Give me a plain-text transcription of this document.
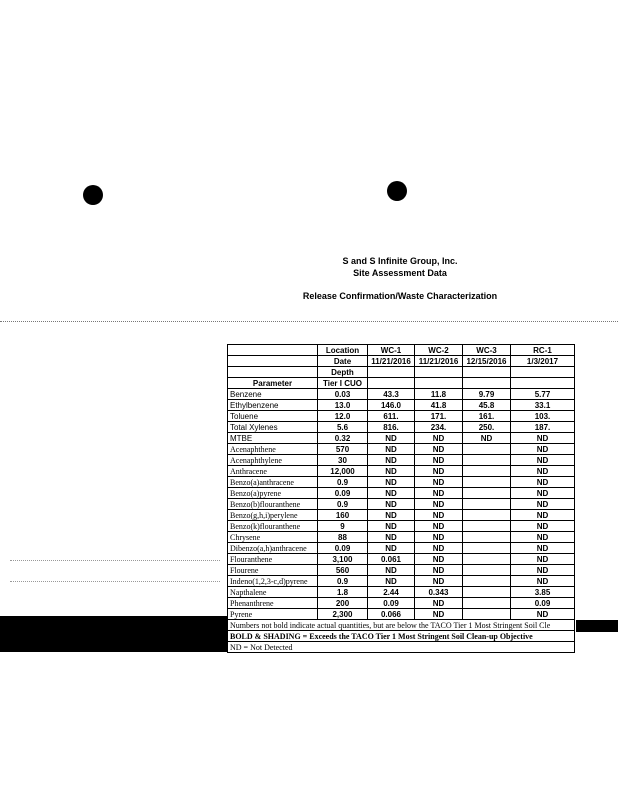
S and S Infinite Group, Inc.
Site Assessment Data
Release Confirmation/Waste Characterization
	Location	WC-1	WC-2	WC-3	RC-1
	Date	11/21/2016	11/21/2016	12/15/2016	1/3/2017
	Depth				
Parameter	Tier I CUO				
Benzene	0.03	43.3	11.8	9.79	5.77
Ethylbenzene	13.0	146.0	41.8	45.8	33.1
Toluene	12.0	611.	171.	161.	103.
Total Xylenes	5.6	816.	234.	250.	187.
MTBE	0.32	ND	ND	ND	ND
Acenaphthene	570	ND	ND		ND
Acenaphthylene	30	ND	ND		ND
Anthracene	12,000	ND	ND		ND
Benzo(a)anthracene	0.9	ND	ND		ND
Benzo(a)pyrene	0.09	ND	ND		ND
Benzo(b)flouranthene	0.9	ND	ND		ND
Benzo(g,h,i)perylene	160	ND	ND		ND
Benzo(k)flouranthene	9	ND	ND		ND
Chrysene	88	ND	ND		ND
Dibenzo(a,h)anthracene	0.09	ND	ND		ND
Flouranthene	3,100	0.061	ND		ND
Flourene	560	ND	ND		ND
Indeno(1,2,3-c,d)pyrene	0.9	ND	ND		ND
Napthalene	1.8	2.44	0.343		3.85
Phenanthrene	200	0.09	ND		0.09
Pyrene	2,300	0.066	ND		ND
Numbers not bold indicate actual quantities, but are below the TACO Tier 1 Most Stringent Soil Cle					
BOLD & SHADING = Exceeds the TACO Tier 1 Most Stringent Soil Clean-up Objective					
ND = Not Detected					
